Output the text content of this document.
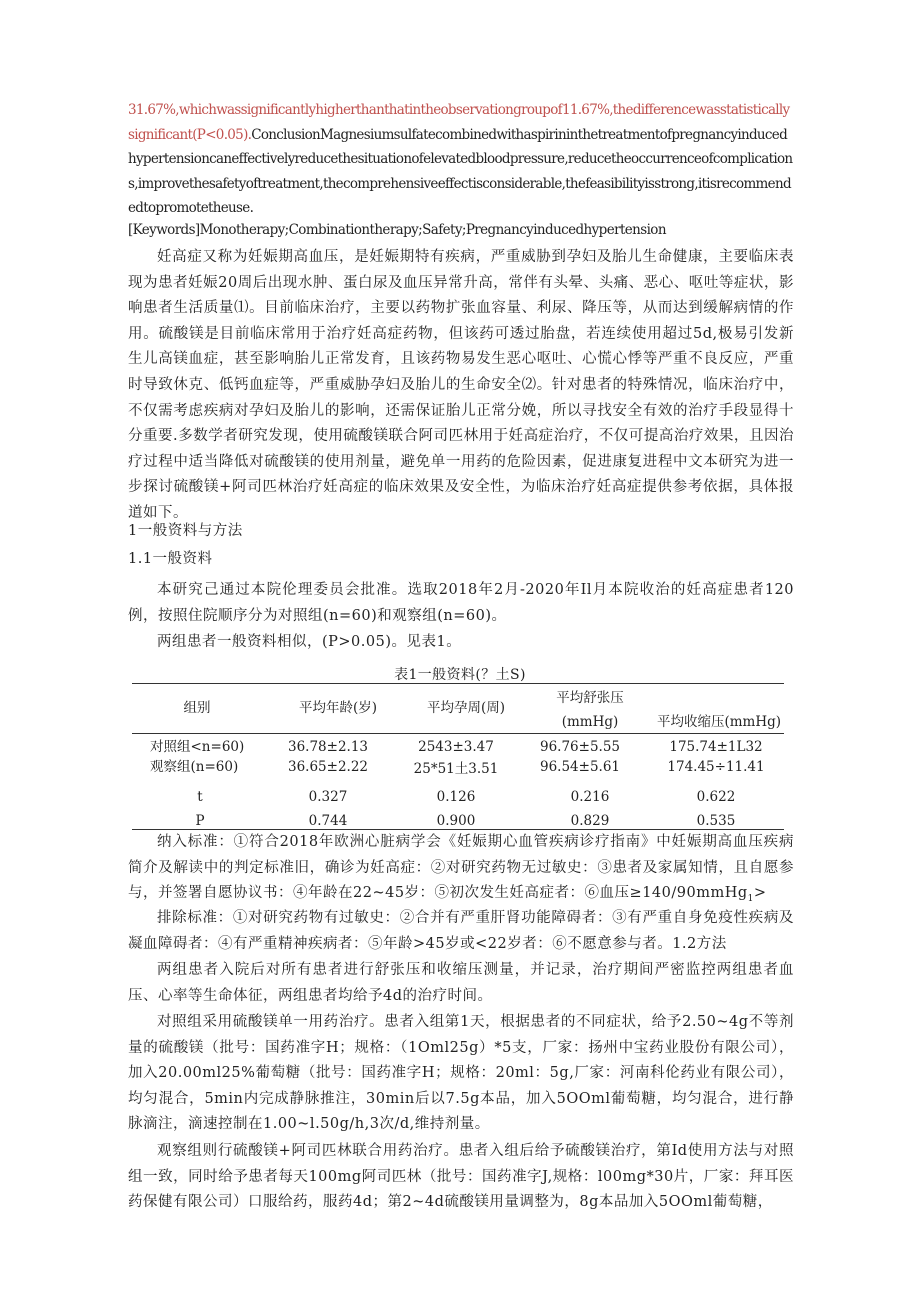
31.67%,whichwassignificantlyhigherthanthatintheobservationgroupof11.67%,thedifferencewasstatisticallysignificant(P<0.05).ConclusionMagnesiumsulfatecombinedwithaspirininthetreatmentofpregnancyinducedhypertensioncaneffectivelyreducethesituationofelevatedbloodpressure,reducetheoccurrenceofcomplications,improvethesafetyoftreatment,thecomprehensiveeffectisconsiderable,thefeasibilityisstrong,itisrecommendedtopromotetheuse.
[Keywords]Monotherapy;Combinationtherapy;Safety;Pregnancyinducedhypertension

妊高症又称为妊娠期高血压，是妊娠期特有疾病，严重威胁到孕妇及胎儿生命健康，主要临床表现为患者妊娠20周后出现水肿、蛋白尿及血压异常升高，常伴有头晕、头痛、恶心、呕吐等症状，影响患者生活质量⑴。目前临床治疗，主要以药物扩张血容量、利尿、降压等，从而达到缓解病情的作用。硫酸镁是目前临床常用于治疗妊高症药物，但该药可透过胎盘，若连续使用超过5d,极易引发新生儿高镁血症，甚至影响胎儿正常发育，且该药物易发生恶心呕吐、心慌心悸等严重不良反应，严重时导致休克、低钙血症等，严重威胁孕妇及胎儿的生命安全⑵。针对患者的特殊情况，临床治疗中，不仅需考虑疾病对孕妇及胎儿的影响，还需保证胎儿正常分娩，所以寻找安全有效的治疗手段显得十分重要.多数学者研究发现，使用硫酸镁联合阿司匹林用于妊高症治疗，不仅可提高治疗效果，且因治疗过程中适当降低对硫酸镁的使用剂量，避免单一用药的危险因素，促进康复进程中文本研究为进一步探讨硫酸镁+阿司匹林治疗妊高症的临床效果及安全性，为临床治疗妊高症提供参考依据，具体报道如下。

1一般资料与方法

1.1一般资料

本研究己通过本院伦理委员会批准。选取2018年2月-2020年Il月本院收治的妊高症患者120例，按照住院顺序分为对照组(n=60)和观察组(n=60)。

两组患者一般资料相似，(P>0.05)。见表1。

表1一般资料(？土S)
组别	平均年龄(岁)	平均孕周(周)
平均舒张压
(mmHg)	平均收缩压(mmHg)
对照组<n=60)	36.78±2.13	2543±3.47	96.76±5.55	175.74±1L32
观察组(n=60)	36.65±2.22	25*51土3.51	96.54±5.61	174.45÷11.41
t	0.327	0.126	0.216	0.622
P	0.744	0.900	0.829	0.535

纳入标准：①符合2018年欧洲心脏病学会《妊娠期心血管疾病诊疗指南》中妊娠期高血压疾病简介及解读中的判定标准旧，确诊为妊高症：②对研究药物无过敏史：③患者及家属知情，且自愿参与，并签署自愿协议书：④年龄在22~45岁：⑤初次发生妊高症者：⑥血压≥140∕90mmHg$_1$>

排除标准：①对研究药物有过敏史：②合并有严重肝肾功能障碍者：③有严重自身免疫性疾病及凝血障碍者：④有严重精神疾病者：⑤年龄>45岁或<22岁者：⑥不愿意参与者。1.2方法

两组患者入院后对所有患者进行舒张压和收缩压测量，并记录，治疗期间严密监控两组患者血压、心率等生命体征，两组患者均给予4d的治疗时间。

对照组采用硫酸镁单一用药治疗。患者入组第1天，根据患者的不同症状，给予2.50~4g不等剂量的硫酸镁（批号：国药准字H；规格：（1Oml25g）*5支，厂家：扬州中宝药业股份有限公司），加入20.00ml25%葡萄糖（批号：国药准字H；规格：20ml：5g,厂家：河南科伦药业有限公司），均匀混合，5min内完成静脉推注，30min后以7.5g本品，加入5OOml葡萄糖，均匀混合，进行静脉滴注，滴速控制在1.00~l.50g∕h,3次/d,维持剂量。

观察组则行硫酸镁+阿司匹林联合用药治疗。患者入组后给予硫酸镁治疗，第Id使用方法与对照组一致，同时给予患者每天100mg阿司匹林（批号：国药准字J,规格：l00mg*30片，厂家：拜耳医药保健有限公司）口服给药，服药4d；第2~4d硫酸镁用量调整为，8g本品加入5OOml葡萄糖，
